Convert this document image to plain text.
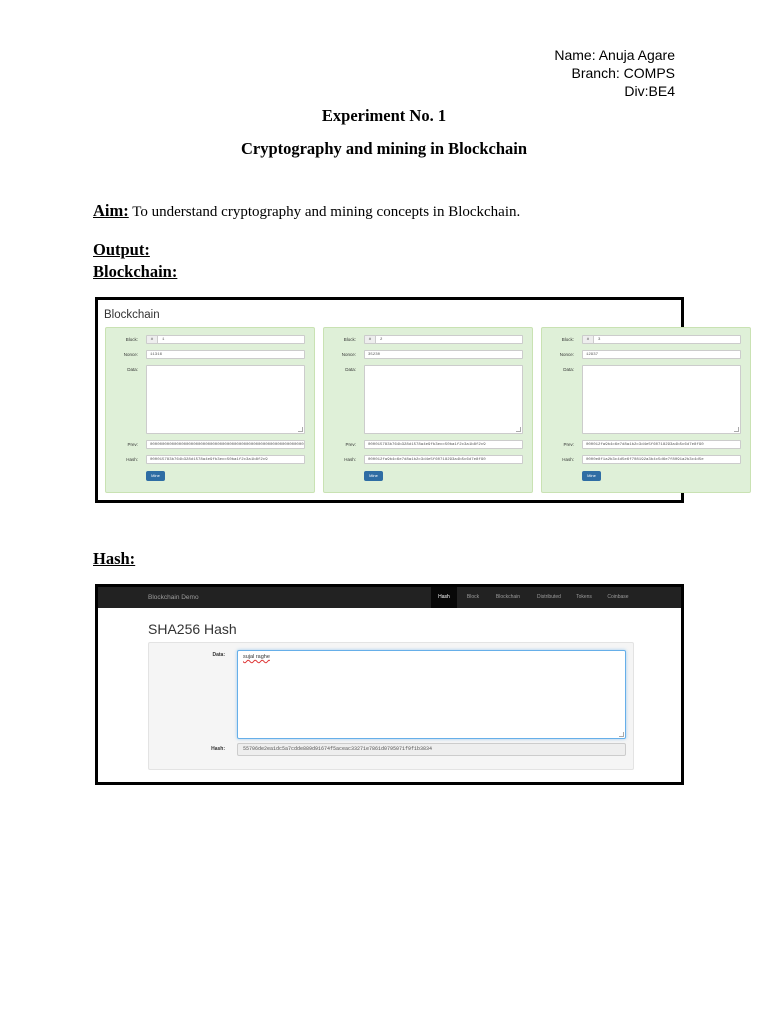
Name: Anuja Agare
Branch: COMPS
Div:BE4
Experiment No. 1
Cryptography and mining in Blockchain
Aim: To understand cryptography and mining concepts in Blockchain.
Output:
Blockchain:
Blockchain
Block:	#	1
Nonce:	11316
Data:
Prev:	0000000000000000000000000000000000000000000000000000000000000000
Hash:	000015783b764b328d1578a4e9fb3ecc50ba1f2c3a1b8f2c9
Mine
Block:	#	2
Nonce:	35230
Data:
Prev:	000015783b764b328d1578a4e9fb3ecc50ba1f2c3a1b8f2c9
Hash:	000012fa9b4c6e7d8a1b2c3d4e5f60718293a4b5c6d7e8f90
Mine
Block:	#	3
Nonce:	12937
Data:
Prev:	000012fa9b4c6e7d8a1b2c3d4e5f60718293a4b5c6d7e8f90
Hash:	0000e8f1a2b3c4d5e6f708192a3b4c5d6e7f8091a2b3c4d5e
Mine
Hash:
Blockchain Demo	Hash	Block	Blockchain	Distributed	Tokens	Coinbase
SHA256 Hash
Data:	sujal raghe
Hash:	55706de2ea1dc5a7cdde889d91674f5aceac33271e7861d0795071f9f1b3834
